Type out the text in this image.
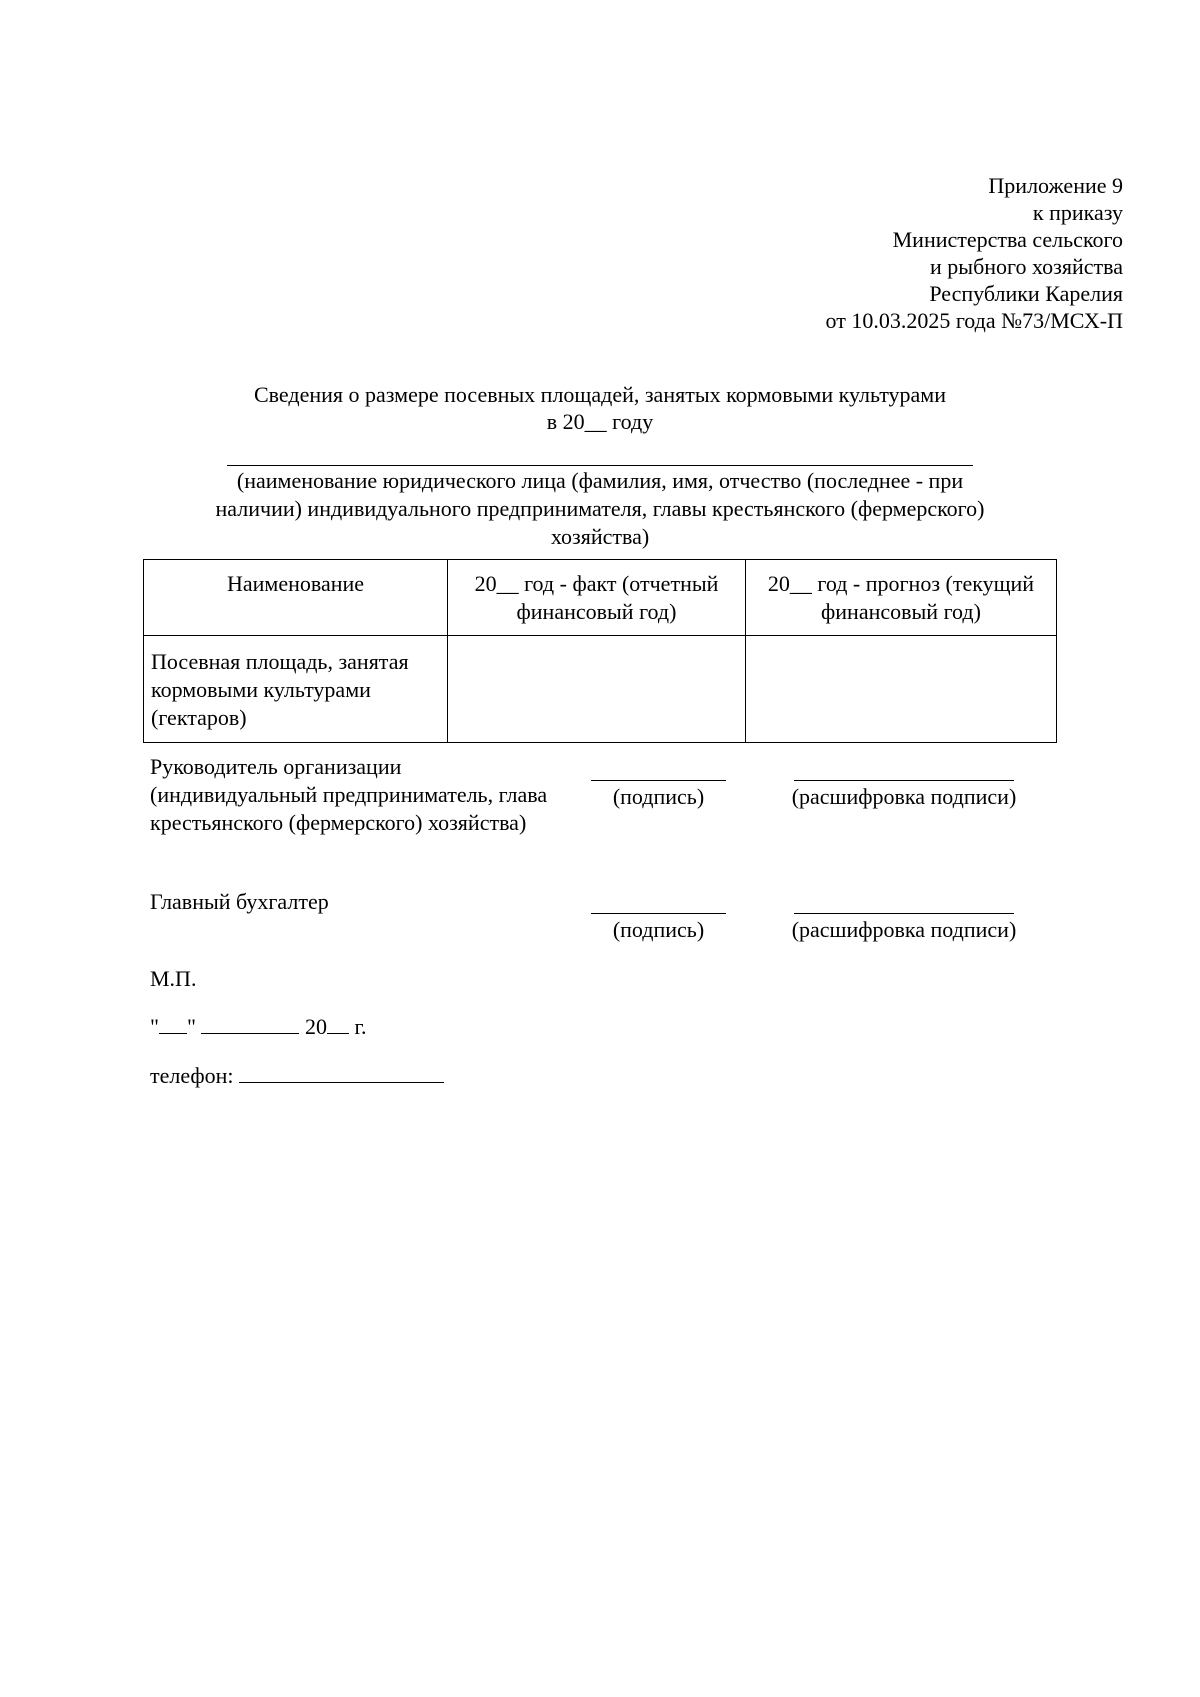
Приложение 9
к приказу
Министерства сельского
и рыбного хозяйства
Республики Карелия
от 10.03.2025 года №73/МСХ-П
Сведения о размере посевных площадей, занятых кормовыми культурами
в 20__ году
(наименование юридического лица (фамилия, имя, отчество (последнее - при
наличии) индивидуального предпринимателя, главы крестьянского (фермерского)
хозяйства)
Наименование	20__ год - факт (отчетный финансовый год)	20__ год - прогноз (текущий финансовый год)
Посевная площадь, занятая кормовыми культурами (гектаров)		
Руководитель организации (индивидуальный предприниматель, глава крестьянского (фермерского) хозяйства)
(подпись)	(расшифровка подписи)
Главный бухгалтер
(подпись)	(расшифровка подписи)
М.П.
" "	20 г.
телефон:
